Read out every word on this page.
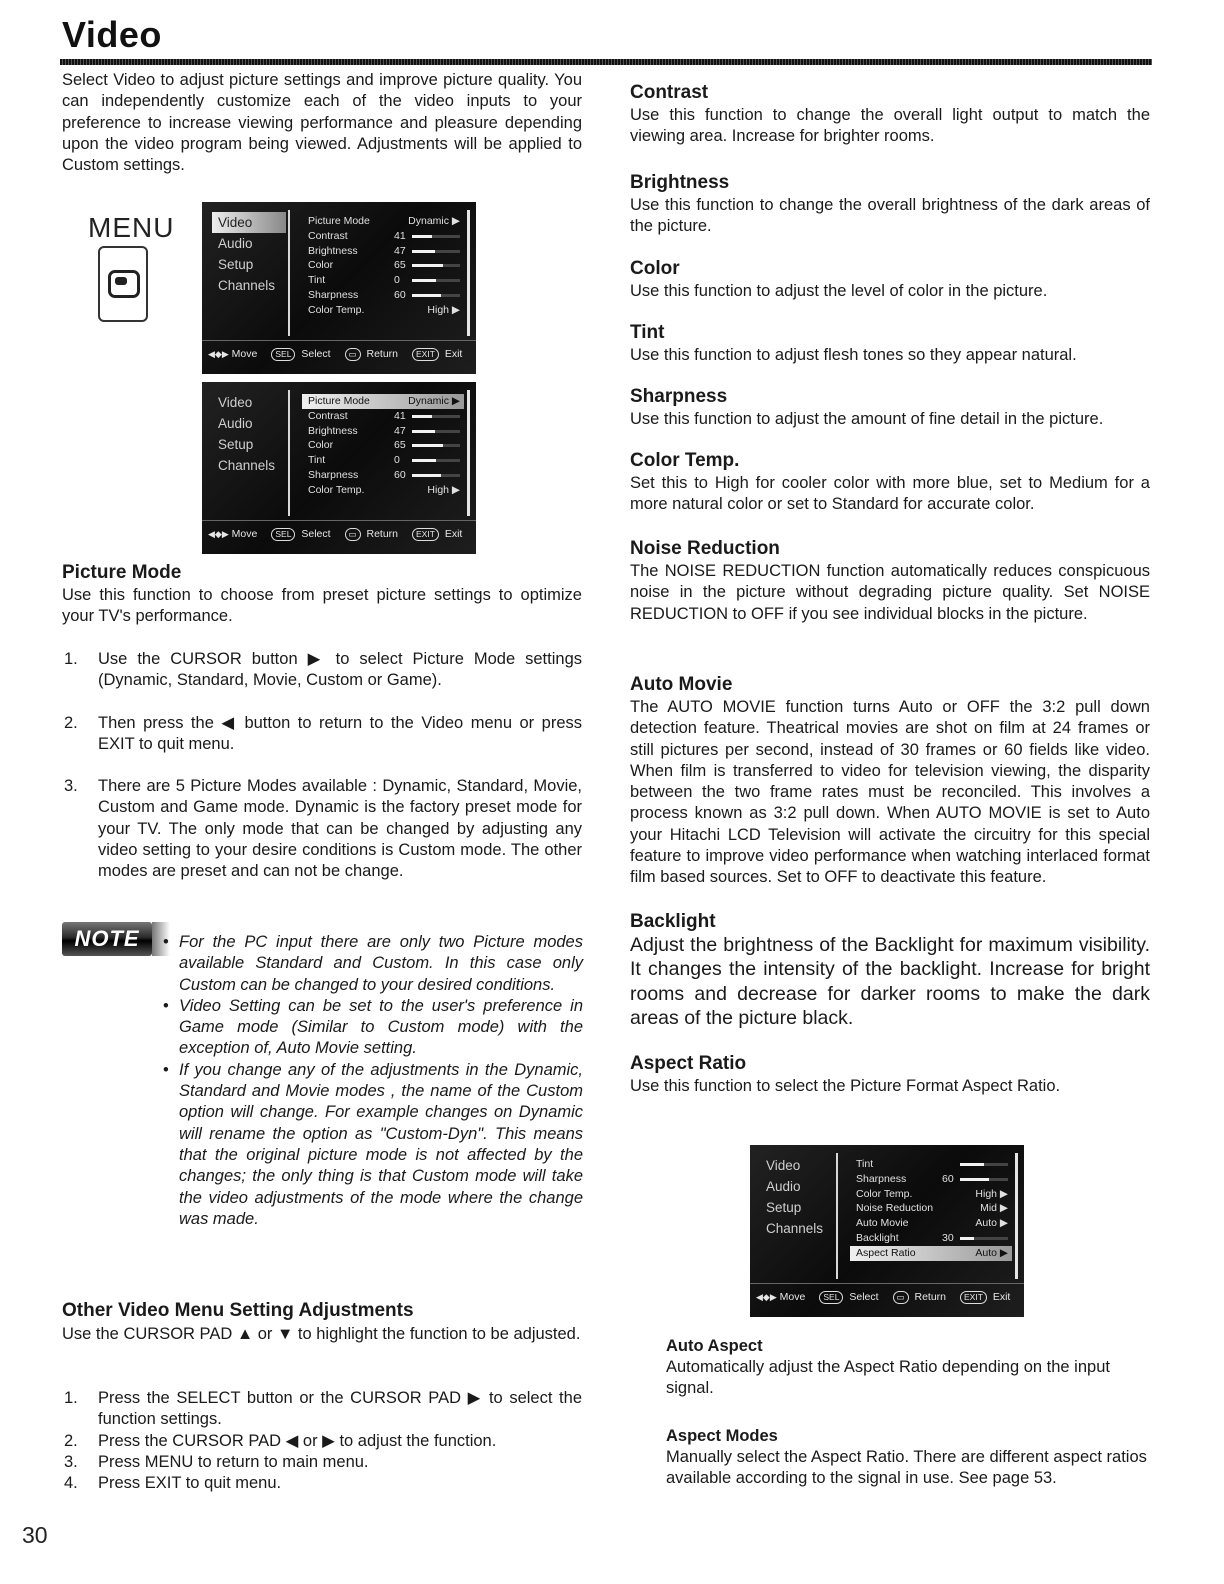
Video
Select Video to adjust picture settings and improve picture quality. You can independently customize each of the video inputs to your preference to increase viewing performance and pleasure depending upon the video program being viewed. Adjustments will be applied to Custom settings.
MENU	Video
Audio
Setup
Channels
Picture Mode	Dynamic ▶
Contrast	41
Brightness	47
Color	65
Tint	0
Sharpness	60
Color Temp.	High ▶
◀◆▶ Move SEL Select ▭ Return EXIT Exit
Video
Audio
Setup
Channels
Picture Mode	Dynamic ▶
Contrast	41
Brightness	47
Color	65
Tint	0
Sharpness	60
Color Temp.	High ▶
◀◆▶ Move SEL Select ▭ Return EXIT Exit
Picture Mode
Use this function to choose from preset picture settings to optimize your TV's performance.
1. Use the CURSOR button ▶ to select Picture Mode settings (Dynamic, Standard, Movie, Custom or Game).
2. Then press the ◀ button to return to the Video menu or press EXIT to quit menu.
3. There are 5 Picture Modes available : Dynamic, Standard, Movie, Custom and Game mode. Dynamic is the factory preset mode for your TV. The only mode that can be changed by adjusting any video setting to your desire conditions is Custom mode. The other modes are preset and can not be change.
NOTE	• For the PC input there are only two Picture modes available Standard and Custom. In this case only Custom can be changed to your desired conditions.
• Video Setting can be set to the user's preference in Game mode (Similar to Custom mode) with the exception of, Auto Movie setting.
• If you change any of the adjustments in the Dynamic, Standard and Movie modes , the name of the Custom option will change. For example changes on Dynamic will rename the option as "Custom-Dyn". This means that the original picture mode is not affected by the changes; the only thing is that Custom mode will take the video adjustments of the mode where the change was made.
Other Video Menu Setting Adjustments
Use the CURSOR PAD ▲ or ▼ to highlight the function to be adjusted.
1. Press the SELECT button or the CURSOR PAD ▶ to select the function settings.
2. Press the CURSOR PAD ◀ or ▶ to adjust the function.
3. Press MENU to return to main menu.
4. Press EXIT to quit menu.
Contrast
Use this function to change the overall light output to match the viewing area. Increase for brighter rooms.
Brightness
Use this function to change the overall brightness of the dark areas of the picture.
Color
Use this function to adjust the level of color in the picture.
Tint
Use this function to adjust flesh tones so they appear natural.
Sharpness
Use this function to adjust the amount of fine detail in the picture.
Color Temp.
Set this to High for cooler color with more blue, set to Medium for a more natural color or set to Standard for accurate color.
Noise Reduction
The NOISE REDUCTION function automatically reduces conspicuous noise in the picture without degrading picture quality. Set NOISE REDUCTION to OFF if you see individual blocks in the picture.
Auto Movie
The AUTO MOVIE function turns Auto or OFF the 3:2 pull down detection feature. Theatrical movies are shot on film at 24 frames or still pictures per second, instead of 30 frames or 60 fields like video. When film is transferred to video for television viewing, the disparity between the two frame rates must be reconciled. This involves a process known as 3:2 pull down. When AUTO MOVIE is set to Auto your Hitachi LCD Television will activate the circuitry for this special feature to improve video performance when watching interlaced format film based sources. Set to OFF to deactivate this feature.
Backlight
Adjust the brightness of the Backlight for maximum visibility. It changes the intensity of the backlight. Increase for bright rooms and decrease for darker rooms to make the dark areas of the picture black.
Aspect Ratio
Use this function to select the Picture Format Aspect Ratio.
Video
Audio
Setup
Channels
Tint
Sharpness	60
Color Temp.	High ▶
Noise Reduction	Mid ▶
Auto Movie	Auto ▶
Backlight	30
Aspect Ratio	Auto ▶
◀◆▶ Move SEL Select ▭ Return EXIT Exit
Auto Aspect
Automatically adjust the Aspect Ratio depending on the input signal.
Aspect Modes
Manually select the Aspect Ratio. There are different aspect ratios available according to the signal in use. See page 53.
30
